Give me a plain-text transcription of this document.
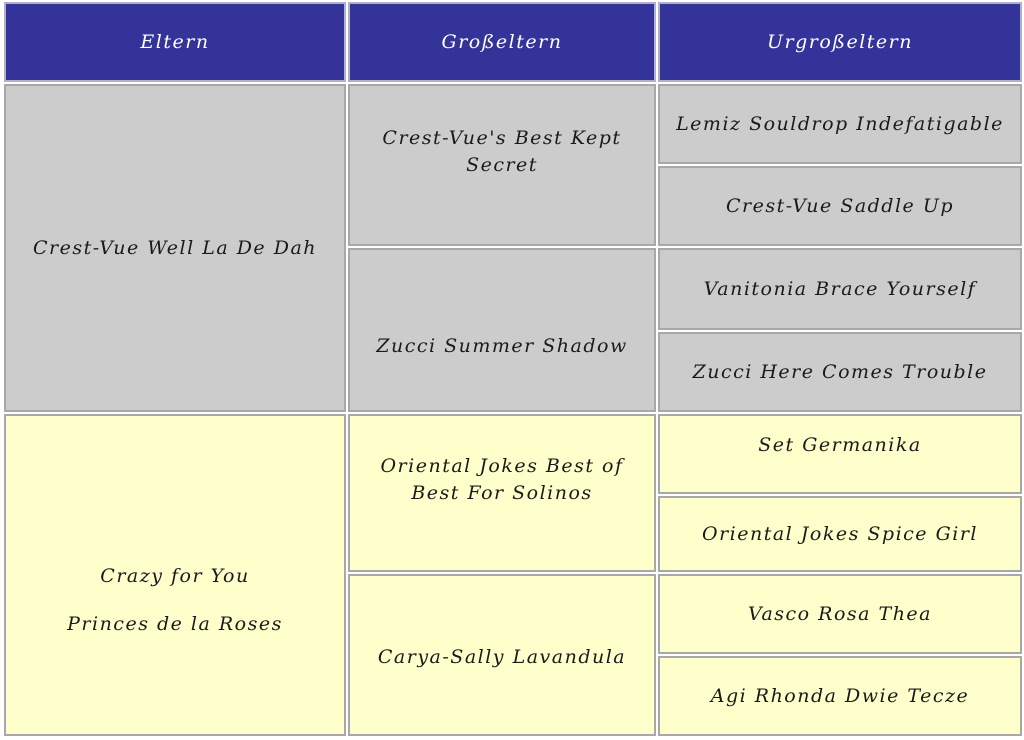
Eltern	Großeltern	Urgroßeltern
Crest-Vue Well La De Dah
Crest-Vue's Best Kept Secret
Zucci Summer Shadow
Lemiz Souldrop Indefatigable
Crest-Vue Saddle Up
Vanitonia Brace Yourself
Zucci Here Comes Trouble
Crazy for You
Princes de la Roses
Oriental Jokes Best of Best For Solinos
Carya-Sally Lavandula
Set Germanika
Oriental Jokes Spice Girl
Vasco Rosa Thea
Agi Rhonda Dwie Tecze
